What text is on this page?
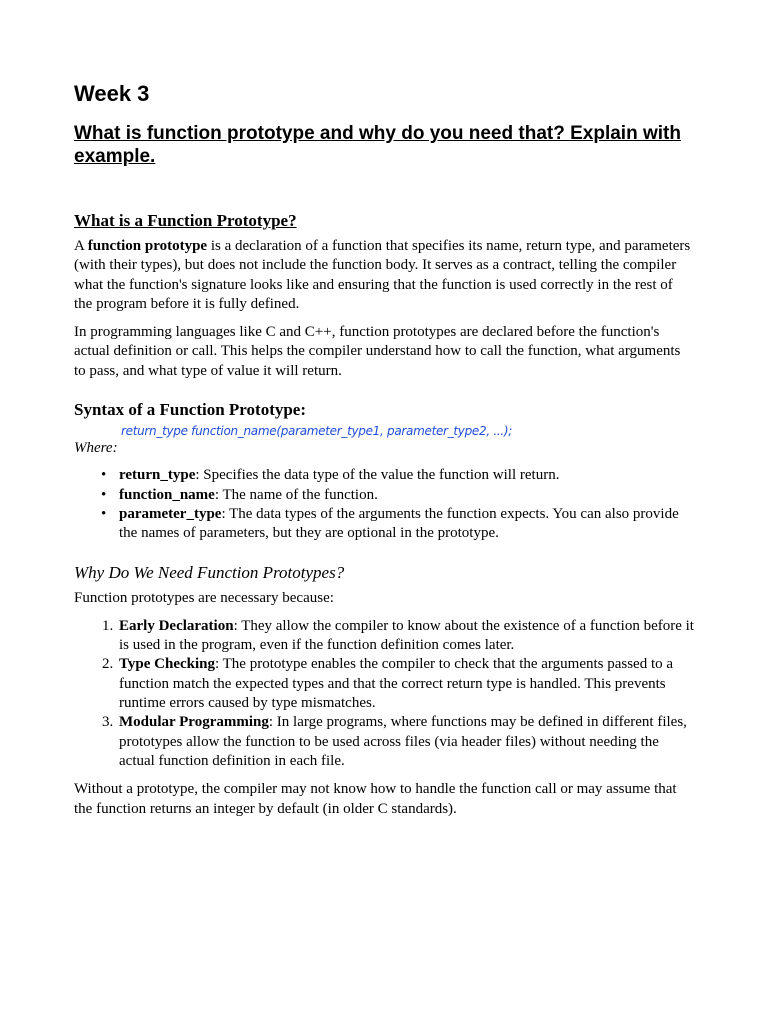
Week 3
What is function prototype and why do you need that? Explain with example.
What is a Function Prototype?

A function prototype is a declaration of a function that specifies its name, return type, and parameters (with their types), but does not include the function body. It serves as a contract, telling the compiler what the function's signature looks like and ensuring that the function is used correctly in the rest of the program before it is fully defined.

In programming languages like C and C++, function prototypes are declared before the function's actual definition or call. This helps the compiler understand how to call the function, what arguments to pass, and what type of value it will return.

Syntax of a Function Prototype:
return_type function_name(parameter_type1, parameter_type2, ...);
Where:
• return_type: Specifies the data type of the value the function will return.
• function_name: The name of the function.
• parameter_type: The data types of the arguments the function expects. You can also provide the names of parameters, but they are optional in the prototype.
Why Do We Need Function Prototypes?

Function prototypes are necessary because:

1. Early Declaration: They allow the compiler to know about the existence of a function before it is used in the program, even if the function definition comes later.
2. Type Checking: The prototype enables the compiler to check that the arguments passed to a function match the expected types and that the correct return type is handled. This prevents runtime errors caused by type mismatches.
3. Modular Programming: In large programs, where functions may be defined in different files, prototypes allow the function to be used across files (via header files) without needing the actual function definition in each file.

Without a prototype, the compiler may not know how to handle the function call or may assume that the function returns an integer by default (in older C standards).
